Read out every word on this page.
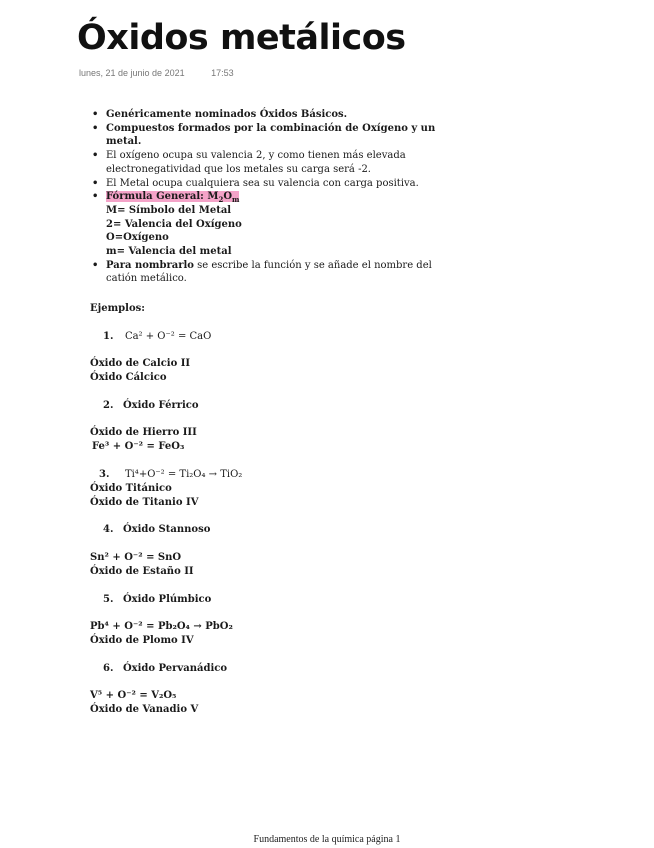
Óxidos metálicos
lunes, 21 de junio de 2021	17:53
• Genéricamente nominados Óxidos Básicos.
• Compuestos formados por la combinación de Oxígeno y un metal.
• El oxígeno ocupa su valencia 2, y como tienen más elevada
electronegatividad que los metales su carga será -2.
• El Metal ocupa cualquiera sea su valencia con carga positiva.
• Fórmula General: $M_2O_m$
M= Símbolo del Metal
2= Valencia del Oxígeno
O=Oxígeno
m= Valencia del metal
• Para nombrarlo se escribe la función y se añade el nombre del
catión metálico.
Ejemplos:
1. Ca² + O⁻² = CaO
Óxido de Calcio II
Óxido Cálcico
2. Óxido Férrico
Óxido de Hierro III
Fe³ + O⁻² = FeO₃
3. Ti⁴+O⁻² = Ti₂O₄ → TiO₂
Óxido Titánico
Óxido de Titanio IV
4. Óxido Stannoso
Sn² + O⁻² = SnO
Óxido de Estaño II
5. Óxido Plúmbico
Pb⁴ + O⁻² = Pb₂O₄ → PbO₂
Óxido de Plomo IV
6. Óxido Pervanádico
V⁵ + O⁻² = V₂O₅
Óxido de Vanadio V
Fundamentos de la química página 1
